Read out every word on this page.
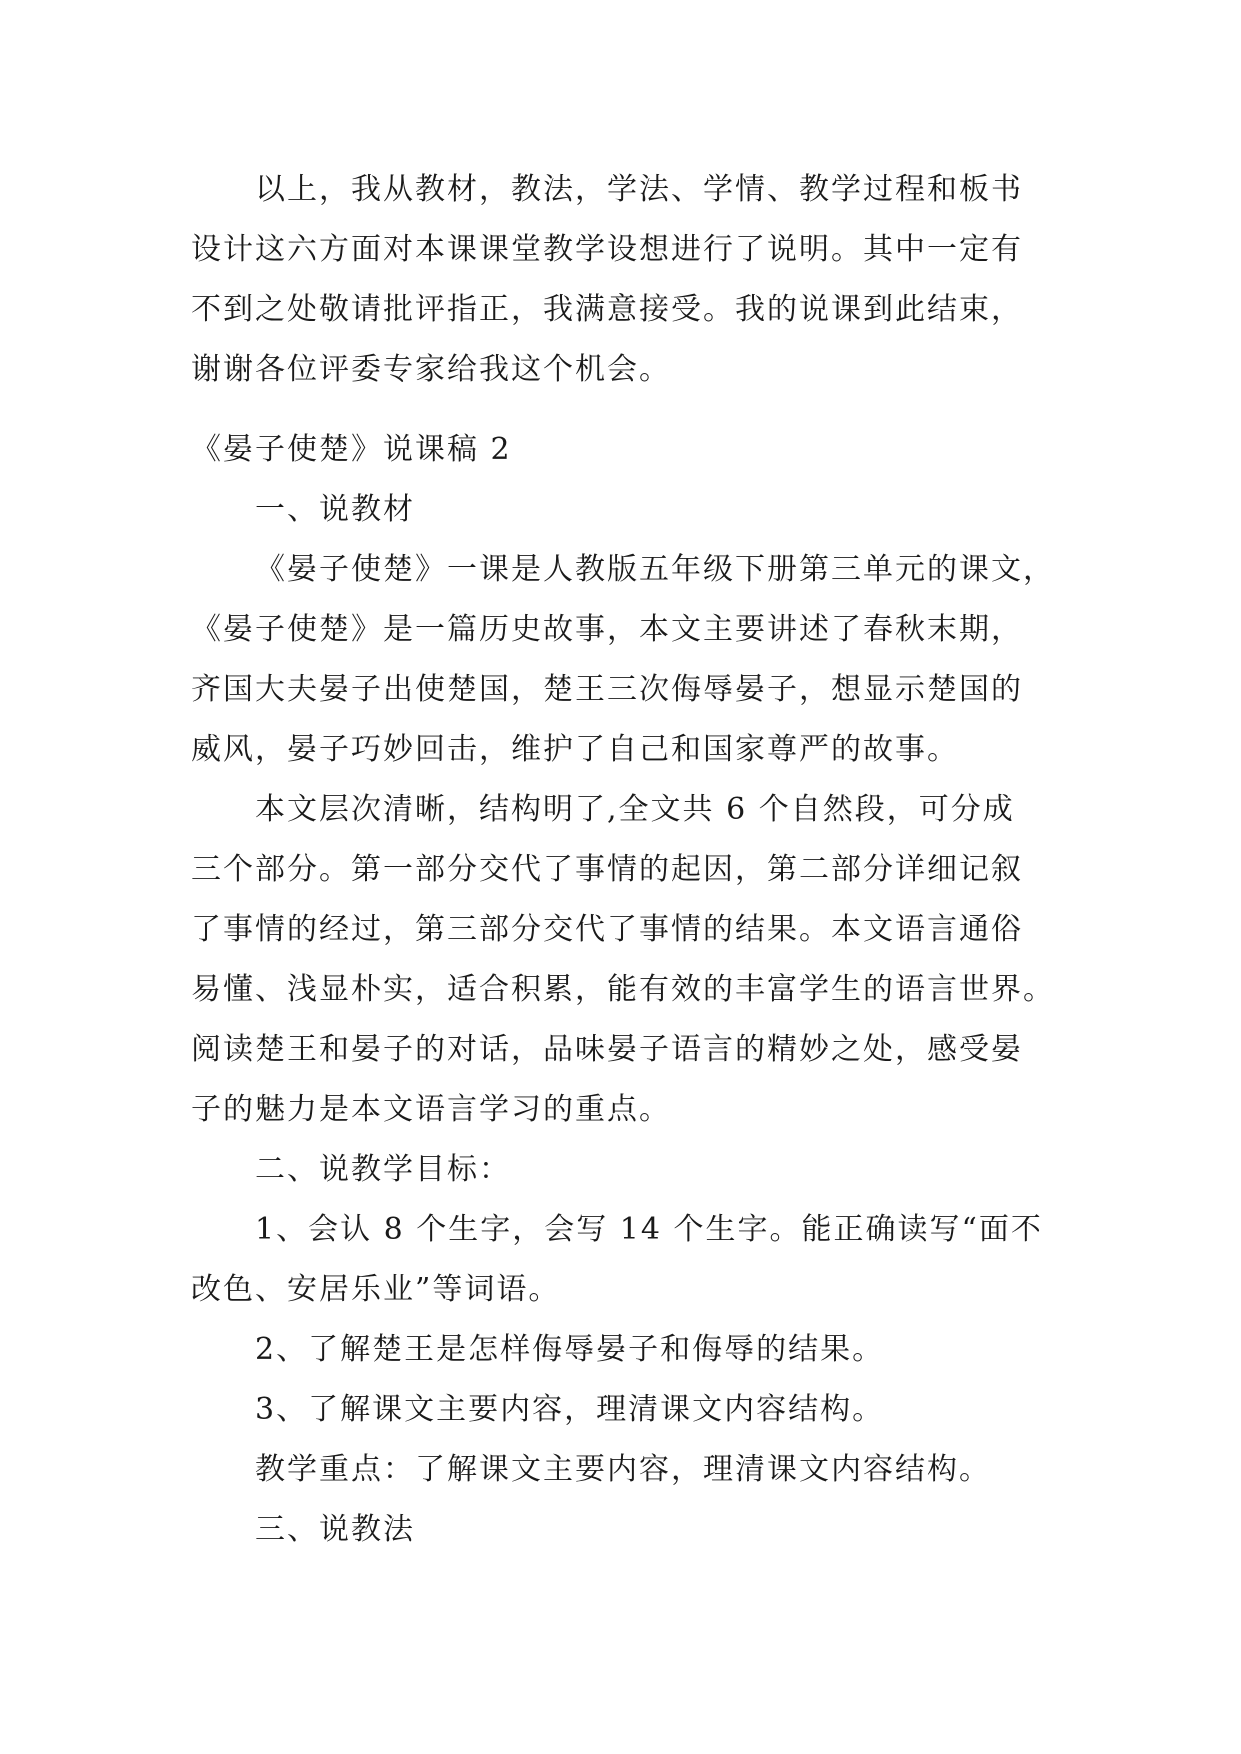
以上，我从教材，教法，学法、学情、教学过程和板书
设计这六方面对本课课堂教学设想进行了说明。其中一定有
不到之处敬请批评指正，我满意接受。我的说课到此结束，
谢谢各位评委专家给我这个机会。
《晏子使楚》说课稿 2
一、说教材
《晏子使楚》一课是人教版五年级下册第三单元的课文，
《晏子使楚》是一篇历史故事，本文主要讲述了春秋末期，
齐国大夫晏子出使楚国，楚王三次侮辱晏子，想显示楚国的
威风，晏子巧妙回击，维护了自己和国家尊严的故事。
本文层次清晰，结构明了,全文共 6 个自然段，可分成
三个部分。第一部分交代了事情的起因，第二部分详细记叙
了事情的经过，第三部分交代了事情的结果。本文语言通俗
易懂、浅显朴实，适合积累，能有效的丰富学生的语言世界。
阅读楚王和晏子的对话，品味晏子语言的精妙之处，感受晏
子的魅力是本文语言学习的重点。
二、说教学目标：
1、会认 8 个生字，会写 14 个生字。能正确读写“面不
改色、安居乐业”等词语。
2、了解楚王是怎样侮辱晏子和侮辱的结果。
3、了解课文主要内容，理清课文内容结构。
教学重点：了解课文主要内容，理清课文内容结构。
三、说教法
